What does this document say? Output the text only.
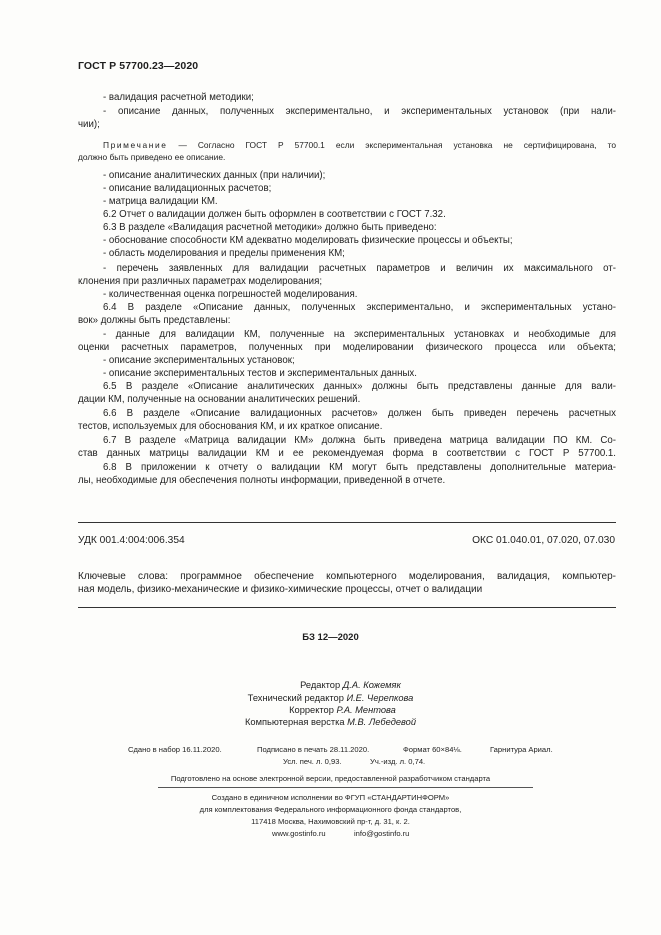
ГОСТ Р 57700.23—2020
- валидация расчетной методики;
- описание данных, полученных экспериментально, и экспериментальных установок (при нали-
чии);
Примечание — Согласно ГОСТ Р 57700.1 если экспериментальная установка не сертифицирована, то
должно быть приведено ее описание.
- описание аналитических данных (при наличии);
- описание валидационных расчетов;
- матрица валидации КМ.
6.2 Отчет о валидации должен быть оформлен в соответствии с ГОСТ 7.32.
6.3 В разделе «Валидация расчетной методики» должно быть приведено:
- обоснование способности КМ адекватно моделировать физические процессы и объекты;
- область моделирования и пределы применения КМ;
- перечень заявленных для валидации расчетных параметров и величин их максимального от-
клонения при различных параметрах моделирования;
- количественная оценка погрешностей моделирования.
6.4 В разделе «Описание данных, полученных экспериментально, и экспериментальных устано-
вок» должны быть представлены:
- данные для валидации КМ, полученные на экспериментальных установках и необходимые для
оценки расчетных параметров, полученных при моделировании физического процесса или объекта;
- описание экспериментальных установок;
- описание экспериментальных тестов и экспериментальных данных.
6.5 В разделе «Описание аналитических данных» должны быть представлены данные для вали-
дации КМ, полученные на основании аналитических решений.
6.6 В разделе «Описание валидационных расчетов» должен быть приведен перечень расчетных
тестов, используемых для обоснования КМ, и их краткое описание.
6.7 В разделе «Матрица валидации КМ» должна быть приведена матрица валидации ПО КМ. Со-
став данных матрицы валидации КМ и ее рекомендуемая форма в соответствии с ГОСТ Р 57700.1.
6.8 В приложении к отчету о валидации КМ могут быть представлены дополнительные материа-
лы, необходимые для обеспечения полноты информации, приведенной в отчете.
УДК 001.4:004:006.354	ОКС 01.040.01, 07.020, 07.030
Ключевые слова: программное обеспечение компьютерного моделирования, валидация, компьютер-
ная модель, физико-механические и физико-химические процессы, отчет о валидации
БЗ 12—2020
Редактор Д.А. Кожемяк
Технический редактор И.Е. Черепкова
Корректор Р.А. Ментова
Компьютерная верстка М.В. Лебедевой
Сдано в набор 16.11.2020.	Подписано в печать 28.11.2020.	Формат 60×84⅛.	Гарнитура Ариал.
Усл. печ. л. 0,93.	Уч.-изд. л. 0,74.
Подготовлено на основе электронной версии, предоставленной разработчиком стандарта
Создано в единичном исполнении во ФГУП «СТАНДАРТИНФОРМ»
для комплектования Федерального информационного фонда стандартов,
117418 Москва, Нахимовский пр-т, д. 31, к. 2.
www.gostinfo.ru	info@gostinfo.ru
